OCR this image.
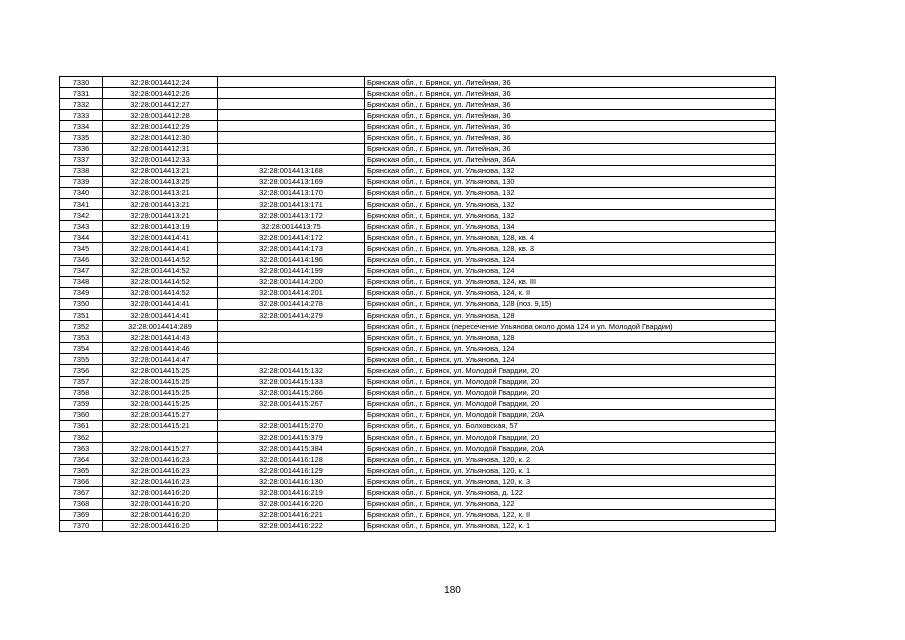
7330	32:28:0014412:24		Брянская обл., г. Брянск, ул. Литейная, 36
7331	32:28:0014412:26		Брянская обл., г. Брянск, ул. Литейная, 36
7332	32:28:0014412:27		Брянская обл., г. Брянск, ул. Литейная, 36
7333	32:28:0014412:28		Брянская обл., г. Брянск, ул. Литейная, 36
7334	32:28:0014412:29		Брянская обл., г. Брянск, ул. Литейная, 36
7335	32:28:0014412:30		Брянская обл., г. Брянск, ул. Литейная, 36
7336	32:28:0014412:31		Брянская обл., г. Брянск, ул. Литейная, 36
7337	32:28:0014412:33		Брянская обл., г. Брянск, ул. Литейная, 36А
7338	32:28:0014413:21	32:28:0014413:168	Брянская обл., г. Брянск, ул. Ульянова, 132
7339	32:28:0014413:25	32:28:0014413:169	Брянская обл., г. Брянск, ул. Ульянова, 130
7340	32:28:0014413:21	32:28:0014413:170	Брянская обл., г. Брянск, ул. Ульянова, 132
7341	32:28:0014413:21	32:28:0014413:171	Брянская обл., г. Брянск, ул. Ульянова, 132
7342	32:28:0014413:21	32:28:0014413:172	Брянская обл., г. Брянск, ул. Ульянова, 132
7343	32:28:0014413:19	32:28:0014413:75	Брянская обл., г. Брянск, ул. Ульянова, 134
7344	32:28:0014414:41	32:28:0014414:172	Брянская обл., г. Брянск, ул. Ульянова, 128, кв. 4
7345	32:28:0014414:41	32:28:0014414:173	Брянская обл., г. Брянск, ул. Ульянова, 128, кв. 3
7346	32:28:0014414:52	32:28:0014414:196	Брянская обл., г. Брянск, ул. Ульянова, 124
7347	32:28:0014414:52	32:28:0014414:199	Брянская обл., г. Брянск, ул. Ульянова, 124
7348	32:28:0014414:52	32:28:0014414:200	Брянская обл., г. Брянск, ул. Ульянова, 124, кв. III
7349	32:28:0014414:52	32:28:0014414:201	Брянская обл., г. Брянск, ул. Ульянова, 124, к. II
7350	32:28:0014414:41	32:28:0014414:278	Брянская обл., г. Брянск, ул. Ульянова, 128 (поз. 9,15)
7351	32:28:0014414:41	32:28:0014414:279	Брянская обл., г. Брянск, ул. Ульянова, 128
7352	32:28:0014414:289		Брянская обл., г. Брянск (пересечение Ульянова около дома 124 и ул. Молодой Гвардии)
7353	32:28:0014414:43		Брянская обл., г. Брянск, ул. Ульянова, 128
7354	32:28:0014414:46		Брянская обл., г. Брянск, ул. Ульянова, 124
7355	32:28:0014414:47		Брянская обл., г. Брянск, ул. Ульянова, 124
7356	32:28:0014415:25	32:28:0014415:132	Брянская обл., г. Брянск, ул. Молодой Гвардии, 20
7357	32:28:0014415:25	32:28:0014415:133	Брянская обл., г. Брянск, ул. Молодой Гвардии, 20
7358	32:28:0014415:25	32:28:0014415:266	Брянская обл., г. Брянск, ул. Молодой Гвардии, 20
7359	32:28:0014415:25	32:28:0014415:267	Брянская обл., г. Брянск, ул. Молодой Гвардии, 20
7360	32:28:0014415:27		Брянская обл., г. Брянск, ул. Молодой Гвардии, 20А
7361	32:28:0014415:21	32:28:0014415:270	Брянская обл., г. Брянск, ул. Болховская, 57
7362		32:28:0014415:379	Брянская обл., г. Брянск, ул. Молодой Гвардии, 20
7363	32:28:0014415:27	32:28:0014415:384	Брянская обл., г. Брянск, ул. Молодой Гвардии, 20А
7364	32:28:0014416:23	32:28:0014416:128	Брянская обл., г. Брянск, ул. Ульянова, 120, к. 2
7365	32:28:0014416:23	32:28:0014416:129	Брянская обл., г. Брянск, ул. Ульянова, 120, к. 1
7366	32:28:0014416:23	32:28:0014416:130	Брянская обл., г. Брянск, ул. Ульянова, 120, к. 3
7367	32:28:0014416:20	32:28:0014416:219	Брянская обл., г. Брянск, ул. Ульянова, д. 122
7368	32:28:0014416:20	32:28:0014416:220	Брянская обл., г. Брянск, ул. Ульянова, 122
7369	32:28:0014416:20	32:28:0014416:221	Брянская обл., г. Брянск, ул. Ульянова, 122, к. II
7370	32:28:0014416:20	32:28:0014416:222	Брянская обл., г. Брянск, ул. Ульянова, 122, к. 1
180
